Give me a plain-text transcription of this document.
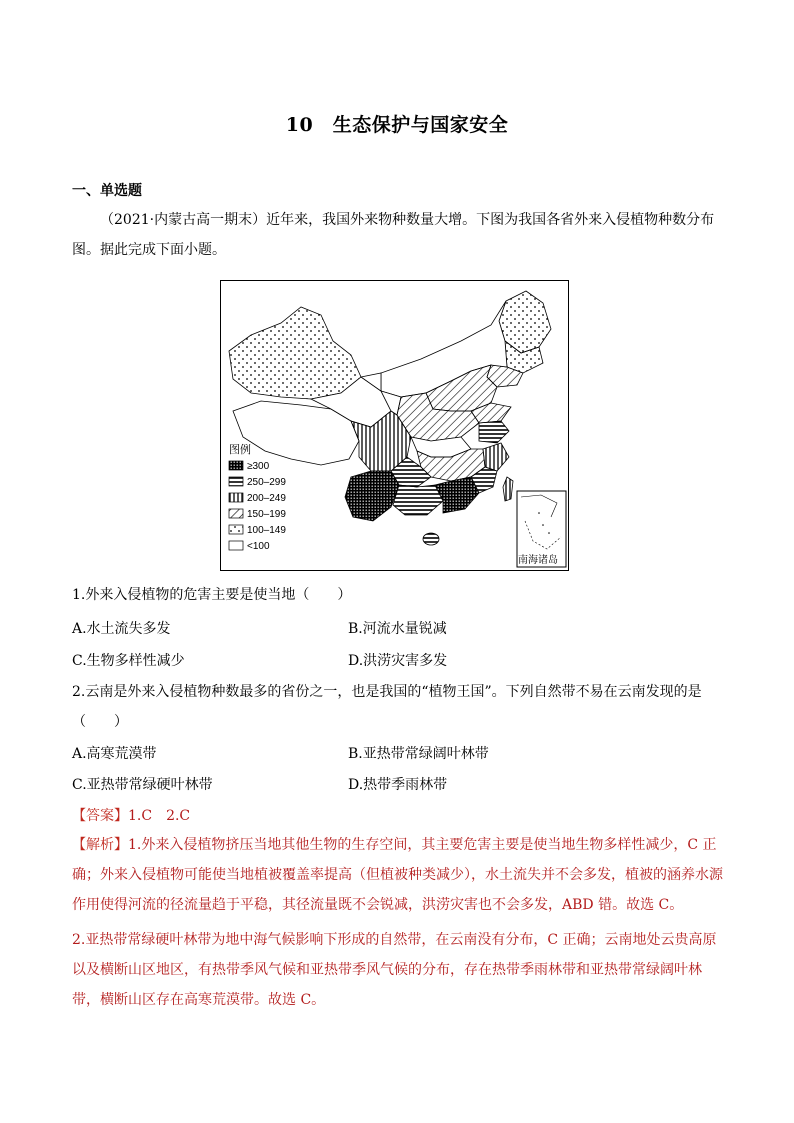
10　生态保护与国家安全
一、单选题
（2021·内蒙古高一期末）近年来，我国外来物种数量大增。下图为我国各省外来入侵植物种数分布图。据此完成下面小题。
图例
≥300
250–299
200–249
150–199
100–149
<100
南海诸岛
1.外来入侵植物的危害主要是使当地（　　）
A.水土流失多发	B.河流水量锐减
C.生物多样性减少	D.洪涝灾害多发
2.云南是外来入侵植物种数最多的省份之一，也是我国的“植物王国”。下列自然带不易在云南发现的是
（　　）
A.高寒荒漠带	B.亚热带常绿阔叶林带
C.亚热带常绿硬叶林带	D.热带季雨林带
【答案】1.C　2.C
【解析】1.外来入侵植物挤压当地其他生物的生存空间，其主要危害主要是使当地生物多样性减少，C 正确；外来入侵植物可能使当地植被覆盖率提高（但植被种类减少），水土流失并不会多发，植被的涵养水源作用使得河流的径流量趋于平稳，其径流量既不会锐减，洪涝灾害也不会多发，ABD 错。故选 C。
2.亚热带常绿硬叶林带为地中海气候影响下形成的自然带，在云南没有分布，C 正确；云南地处云贵高原以及横断山区地区，有热带季风气候和亚热带季风气候的分布，存在热带季雨林带和亚热带常绿阔叶林带，横断山区存在高寒荒漠带。故选 C。
